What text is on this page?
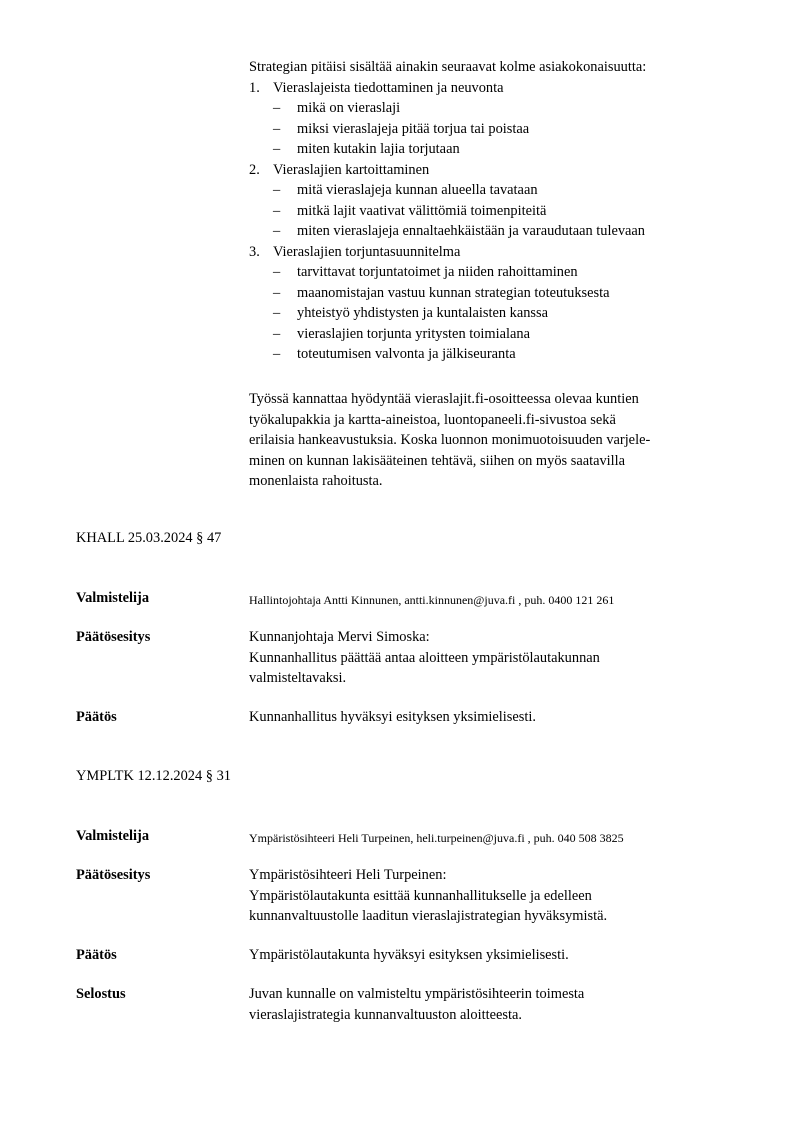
Strategian pitäisi sisältää ainakin seuraavat kolme asiakokonaisuutta:

1. Vieraslajeista tiedottaminen ja neuvonta
–	mikä on vieraslaji
–	miksi vieraslajeja pitää torjua tai poistaa
–	miten kutakin lajia torjutaan
2. Vieraslajien kartoittaminen
–	mitä vieraslajeja kunnan alueella tavataan
–	mitkä lajit vaativat välittömiä toimenpiteitä
–	miten vieraslajeja ennaltaehkäistään ja varaudutaan tulevaan
3. Vieraslajien torjuntasuunnitelma
–	tarvittavat torjuntatoimet ja niiden rahoittaminen
–	maanomistajan vastuu kunnan strategian toteutuksesta
–	yhteistyö yhdistysten ja kuntalaisten kanssa
–	vieraslajien torjunta yritysten toimialana
–	toteutumisen valvonta ja jälkiseuranta

Työssä kannattaa hyödyntää vieraslajit.fi-osoitteessa olevaa kuntien

työkalupakkia ja kartta-aineistoa, luontopaneeli.fi-sivustoa sekä

erilaisia hankeavustuksia. Koska luonnon monimuotoisuuden varjele-

minen on kunnan lakisääteinen tehtävä, siihen on myös saatavilla

monenlaista rahoitusta.

KHALL 25.03.2024 § 47
Valmistelija	Hallintojohtaja Antti Kinnunen, antti.kinnunen@juva.fi , puh. 0400 121 261
Päätösesitys	Kunnanjohtaja Mervi Simoska:

Kunnanhallitus päättää antaa aloitteen ympäristölautakunnan

valmisteltavaksi.

Päätös	Kunnanhallitus hyväksyi esityksen yksimielisesti.
YMPLTK 12.12.2024 § 31
Valmistelija	Ympäristösihteeri Heli Turpeinen, heli.turpeinen@juva.fi , puh. 040 508 3825
Päätösesitys	Ympäristösihteeri Heli Turpeinen:

Ympäristölautakunta esittää kunnanhallitukselle ja edelleen

kunnanvaltuustolle laaditun vieraslajistrategian hyväksymistä.

Päätös	Ympäristölautakunta hyväksyi esityksen yksimielisesti.
Selostus	Juvan kunnalle on valmisteltu ympäristösihteerin toimesta

vieraslajistrategia kunnanvaltuuston aloitteesta.
